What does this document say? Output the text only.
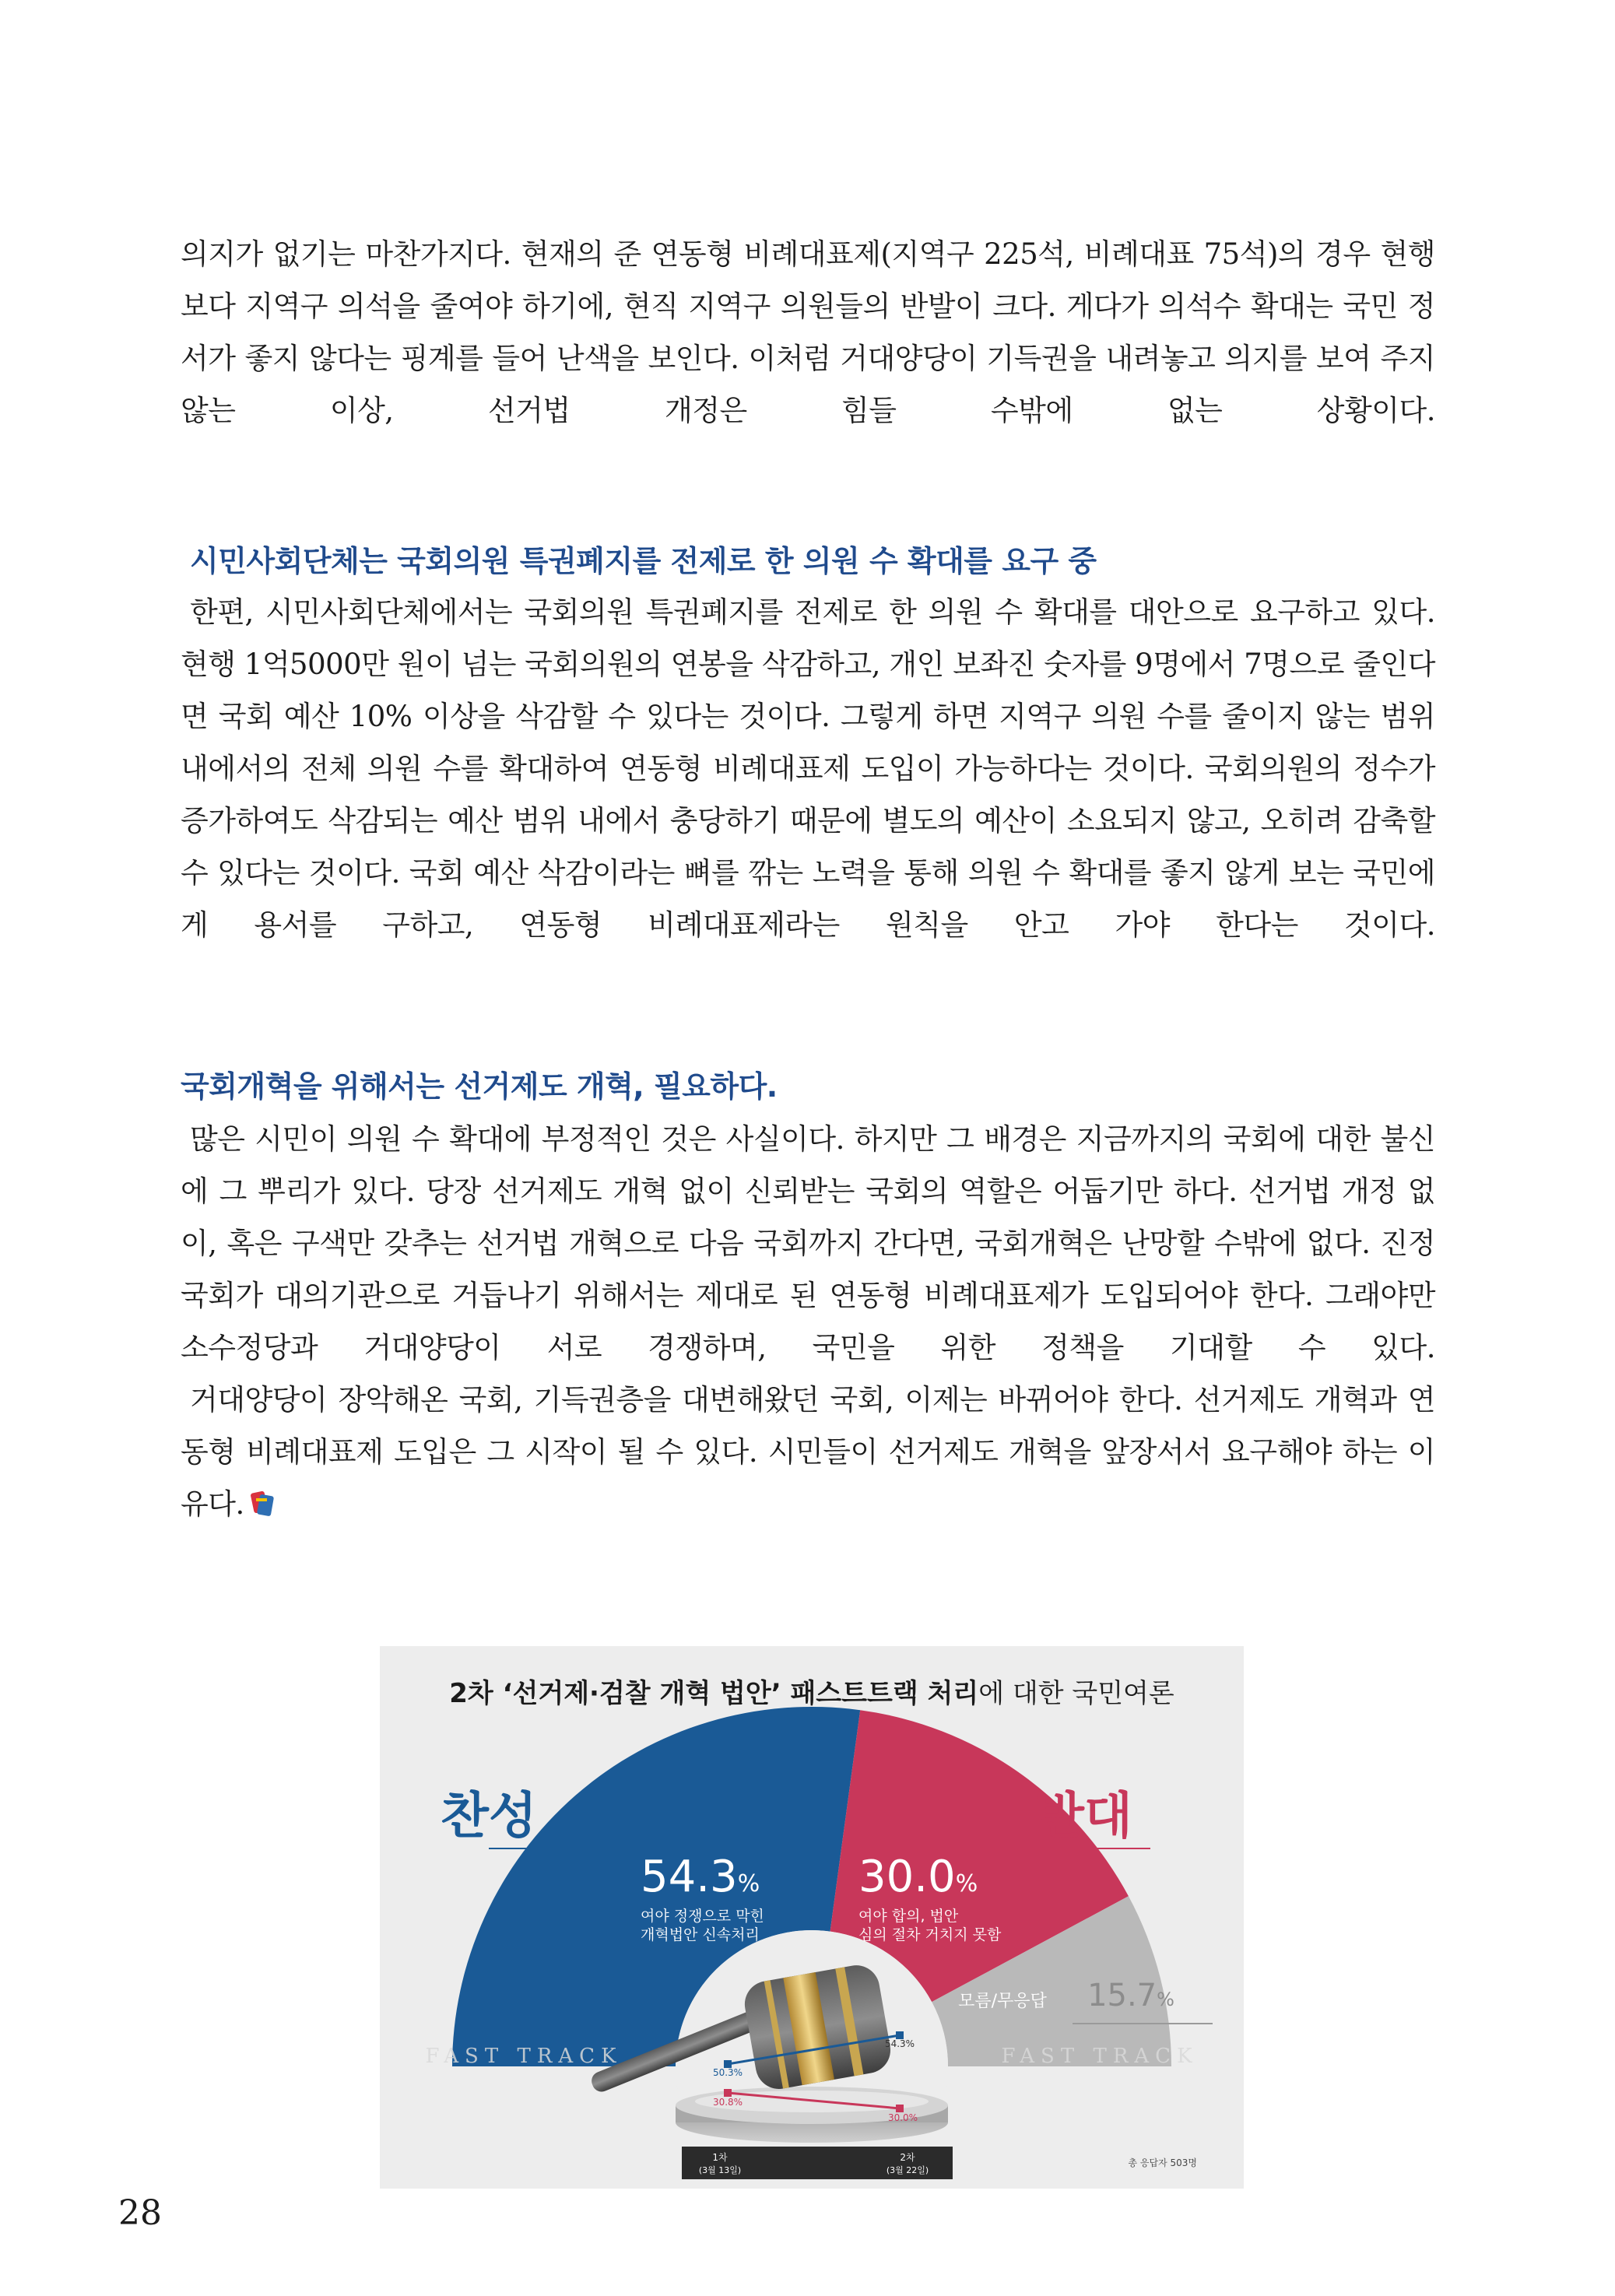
의지가 없기는 마찬가지다. 현재의 준 연동형 비례대표제(지역구 225석, 비례대표 75석)의 경우 현행 보다 지역구 의석을 줄여야 하기에, 현직 지역구 의원들의 반발이 크다. 게다가 의석수 확대는 국민 정서가 좋지 않다는 핑계를 들어 난색을 보인다. 이처럼 거대양당이 기득권을 내려놓고 의지를 보여 주지 않는 이상, 선거법 개정은 힘들 수밖에 없는 상황이다.

시민사회단체는 국회의원 특권폐지를 전제로 한 의원 수 확대를 요구 중

한편, 시민사회단체에서는 국회의원 특권폐지를 전제로 한 의원 수 확대를 대안으로 요구하고 있다. 현행 1억5000만 원이 넘는 국회의원의 연봉을 삭감하고, 개인 보좌진 숫자를 9명에서 7명으로 줄인다면 국회 예산 10% 이상을 삭감할 수 있다는 것이다. 그렇게 하면 지역구 의원 수를 줄이지 않는 범위 내에서의 전체 의원 수를 확대하여 연동형 비례대표제 도입이 가능하다는 것이다. 국회의원의 정수가 증가하여도 삭감되는 예산 범위 내에서 충당하기 때문에 별도의 예산이 소요되지 않고, 오히려 감축할 수 있다는 것이다. 국회 예산 삭감이라는 뼈를 깎는 노력을 통해 의원 수 확대를 좋지 않게 보는 국민에게 용서를 구하고, 연동형 비례대표제라는 원칙을 안고 가야 한다는 것이다.

국회개혁을 위해서는 선거제도 개혁, 필요하다.

많은 시민이 의원 수 확대에 부정적인 것은 사실이다. 하지만 그 배경은 지금까지의 국회에 대한 불신에 그 뿌리가 있다. 당장 선거제도 개혁 없이 신뢰받는 국회의 역할은 어둡기만 하다. 선거법 개정 없이, 혹은 구색만 갖추는 선거법 개혁으로 다음 국회까지 간다면, 국회개혁은 난망할 수밖에 없다. 진정 국회가 대의기관으로 거듭나기 위해서는 제대로 된 연동형 비례대표제가 도입되어야 한다. 그래야만 소수정당과 거대양당이 서로 경쟁하며, 국민을 위한 정책을 기대할 수 있다.

거대양당이 장악해온 국회, 기득권층을 대변해왔던 국회, 이제는 바뀌어야 한다. 선거제도 개혁과 연동형 비례대표제 도입은 그 시작이 될 수 있다. 시민들이 선거제도 개혁을 앞장서서 요구해야 하는 이유다.

2차 ‘선거제·검찰 개혁 법안’ 패스트트랙 처리에 대한 국민여론
찬성	반대
54.3%
여야 정쟁으로 막힌
개혁법안 신속처리
30.0%
여야 합의, 법안
심의 절차 거치지 못함
모름/무응답 15.7%
FAST TRACK	FAST TRACK
50.3%
54.3%
30.8%
30.0%
1차
(3월 13일)
2차
(3월 22일)
총 응답자 503명
28
